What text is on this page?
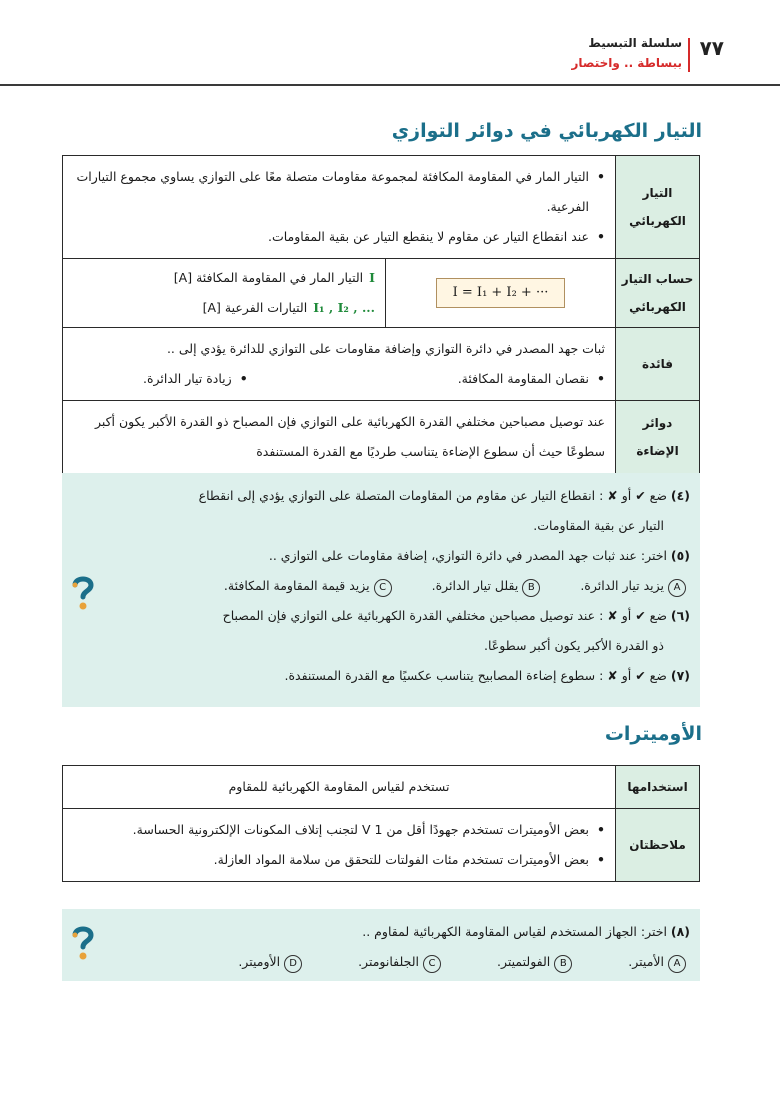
٧٧
سلسلة التبسيط
ببساطة .. واختصار
التيار الكهربائي في دوائر التوازي
التيار الكهربائي	• التيار المار في المقاومة المكافئة لمجموعة مقاومات متصلة معًا على التوازي يساوي مجموع التيارات الفرعية.
• عند انقطاع التيار عن مقاوم لا ينقطع التيار عن بقية المقاومات.

حساب التيار الكهربائي	I = I₁ + I₂ + ···	I
التيار المار في المقاومة المكافئة [A]
I₁ , I₂ , ...
التيارات الفرعية [A]

فائدة	ثبات جهد المصدر في دائرة التوازي وإضافة مقاومات على التوازي للدائرة يؤدي إلى ..
• نقصان المقاومة المكافئة.
• زيادة تيار الدائرة.

دوائر الإضاءة	عند توصيل مصباحين مختلفي القدرة الكهربائية على التوازي فإن المصباح ذو القدرة الأكبر يكون أكبر سطوعًا حيث أن سطوع الإضاءة يتناسب طرديًا مع القدرة المستنفدة	
(٤) ضع ✔ أو ✘ : انقطاع التيار عن مقاوم من المقاومات المتصلة على التوازي يؤدي إلى انقطاع
التيار عن بقية المقاومات.
(٥) اختر: عند ثبات جهد المصدر في دائرة التوازي، إضافة مقاومات على التوازي ..
Aيزيد تيار الدائرة.
Bيقلل تيار الدائرة.
Cيزيد قيمة المقاومة المكافئة.
(٦) ضع ✔ أو ✘ : عند توصيل مصباحين مختلفي القدرة الكهربائية على التوازي فإن المصباح
ذو القدرة الأكبر يكون أكبر سطوعًا.
(٧) ضع ✔ أو ✘ : سطوع إضاءة المصابيح يتناسب عكسيًا مع القدرة المستنفدة.
الأوميترات
استخدامها	تستخدم لقياس المقاومة الكهربائية للمقاوم
ملاحظتان	• بعض الأوميترات تستخدم جهودًا أقل من 1 V لتجنب إتلاف المكونات الإلكترونية الحساسة.
• بعض الأوميترات تستخدم مئات الفولتات للتحقق من سلامة المواد العازلة.
(٨) اختر: الجهاز المستخدم لقياس المقاومة الكهربائية لمقاوم ..
Aالأميتر.
Bالفولتميتر.
Cالجلفانومتر.
Dالأوميتر.
